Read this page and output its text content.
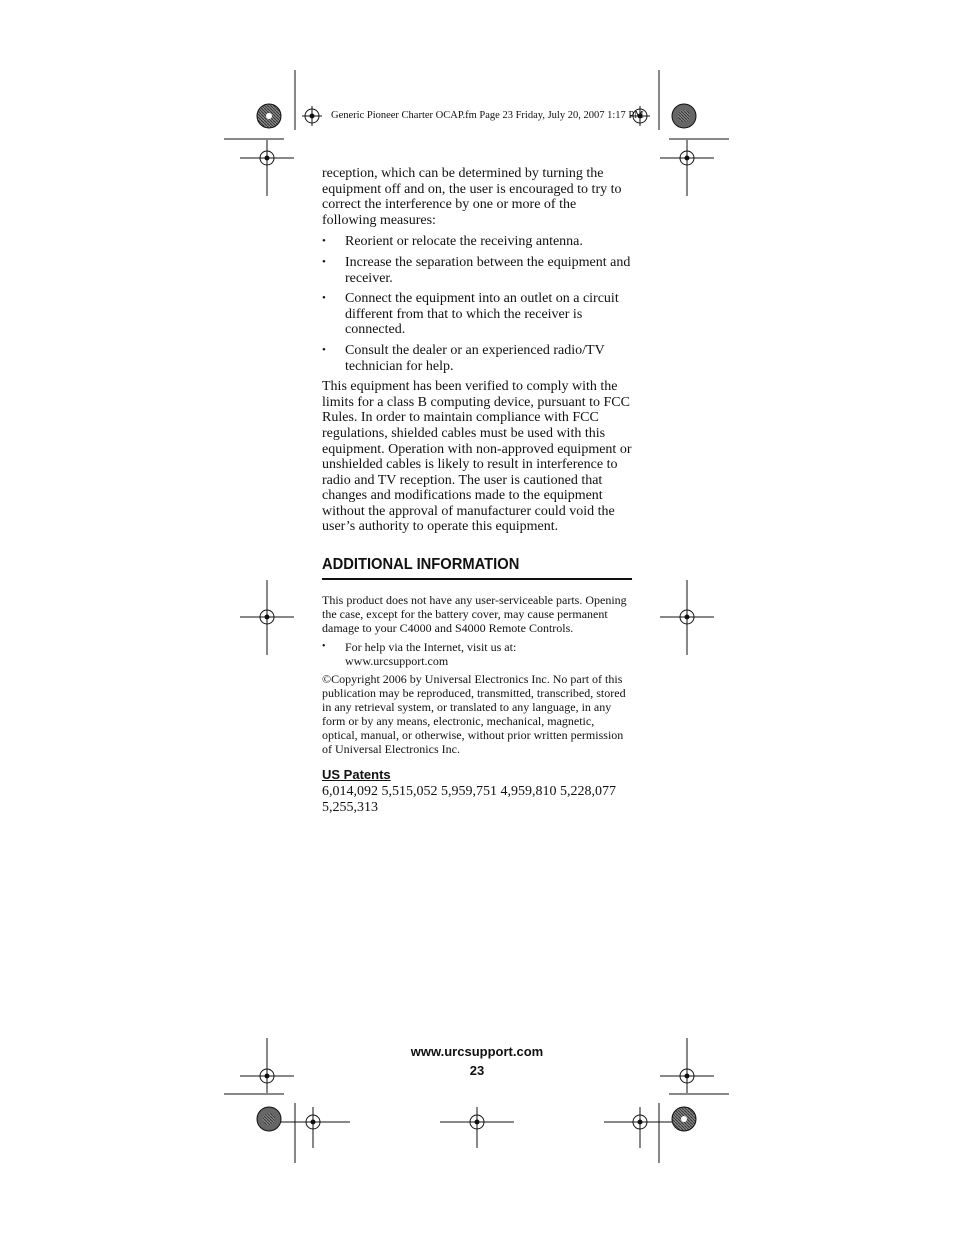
Generic Pioneer Charter OCAP.fm Page 23 Friday, July 20, 2007 1:17 PM

reception, which can be determined by turning the equipment off and on, the user is encouraged to try to correct the interference by one or more of the following measures:

• Reorient or relocate the receiving antenna.
• Increase the separation between the equipment and receiver.
• Connect the equipment into an outlet on a circuit different from that to which the receiver is connected.
• Consult the dealer or an experienced radio/TV technician for help.

This equipment has been verified to comply with the limits for a class B computing device, pursuant to FCC Rules. In order to maintain compliance with FCC regulations, shielded cables must be used with this equipment. Operation with non-approved equipment or unshielded cables is likely to result in interference to radio and TV reception. The user is cautioned that changes and modifications made to the equipment without the approval of manufacturer could void the user’s authority to operate this equipment.

ADDITIONAL INFORMATION

This product does not have any user-serviceable parts. Opening the case, except for the battery cover, may cause permanent damage to your C4000 and S4000 Remote Controls.

• For help via the Internet, visit us at:
www.urcsupport.com

©Copyright 2006 by Universal Electronics Inc. No part of this publication may be reproduced, transmitted, transcribed, stored in any retrieval system, or translated to any language, in any form or by any means, electronic, mechanical, magnetic, optical, manual, or otherwise, without prior written permission of Universal Electronics Inc.

US Patents

6,014,092 5,515,052 5,959,751 4,959,810 5,228,077 5,255,313

www.urcsupport.com
23
